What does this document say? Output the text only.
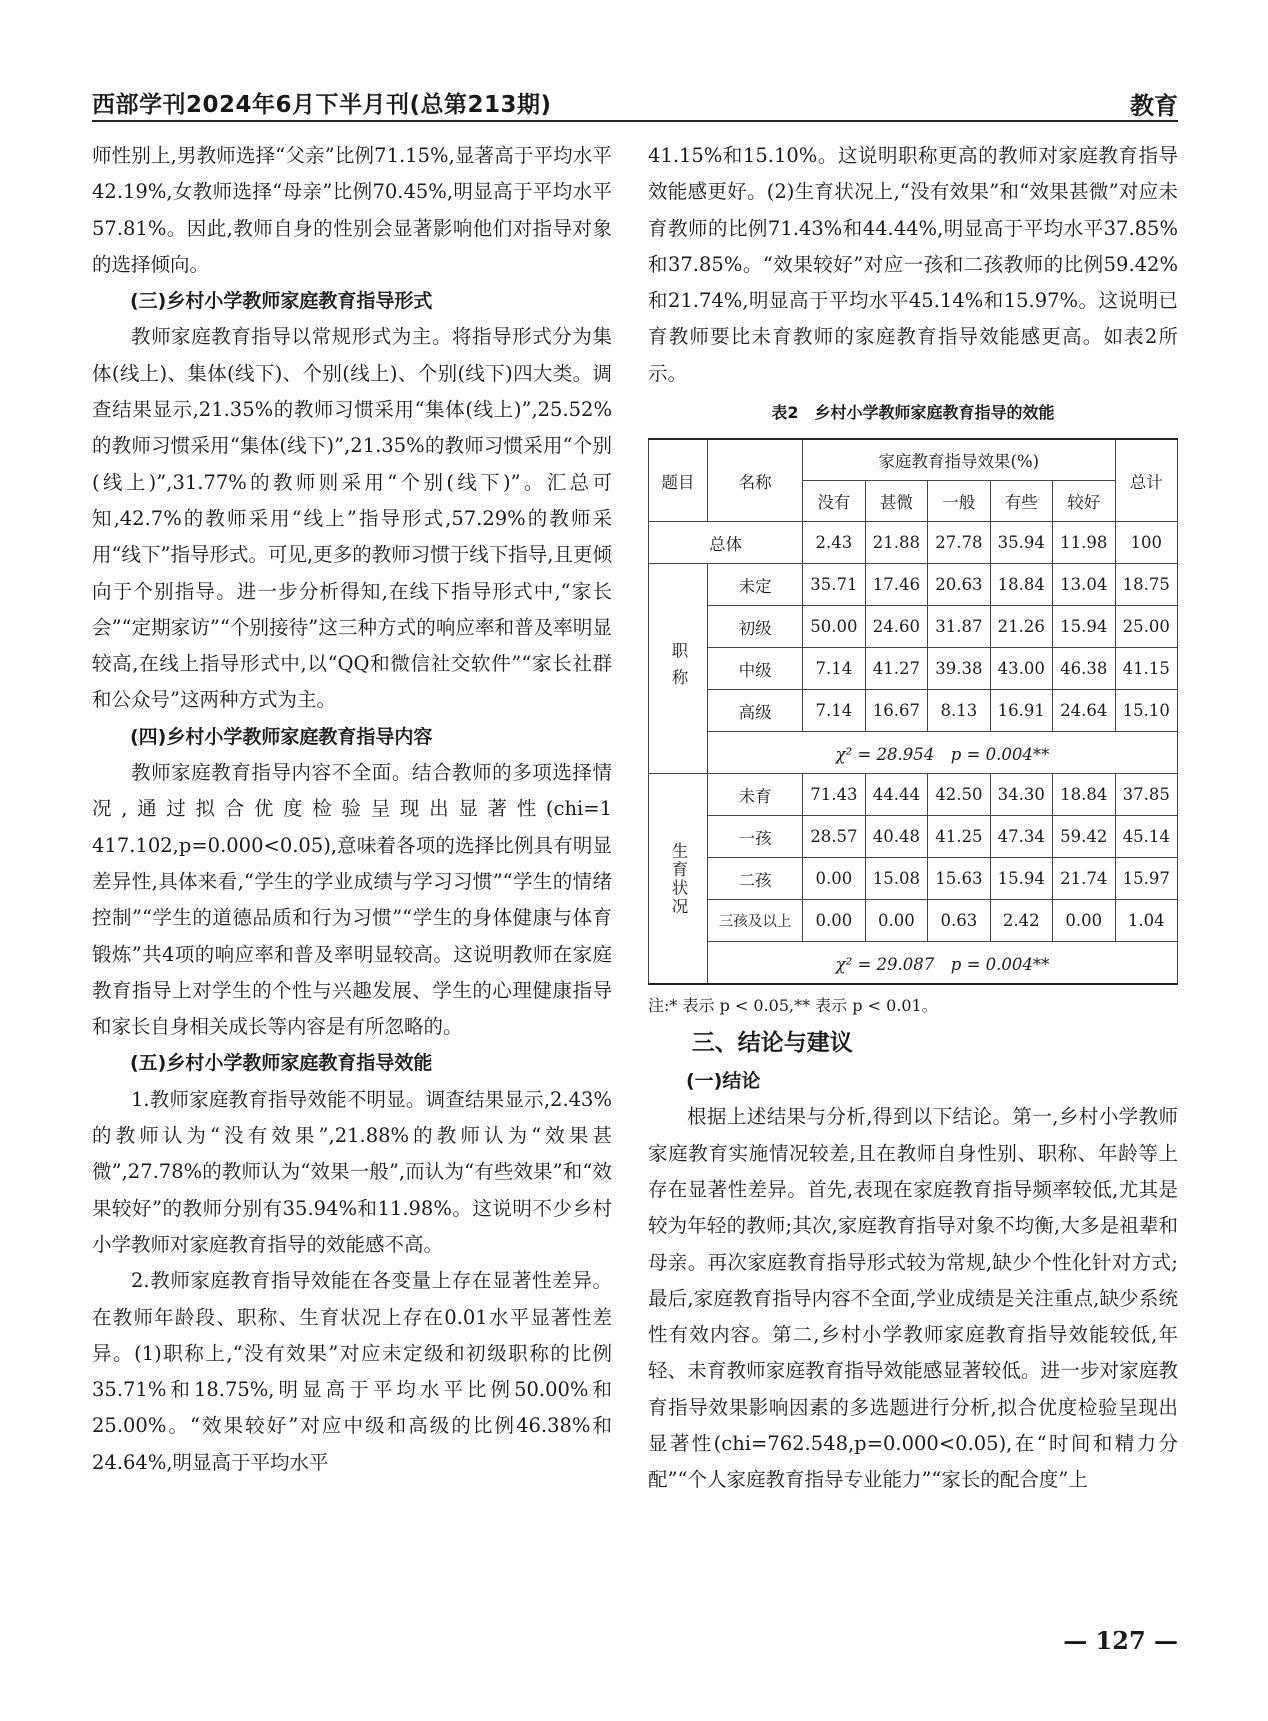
西部学刊2024年6月下半月刊(总第213期)	教育

师性别上,男教师选择“父亲”比例71.15%,显著高于平均水平42.19%,女教师选择“母亲”比例70.45%,明显高于平均水平57.81%。因此,教师自身的性别会显著影响他们对指导对象的选择倾向。

(三)乡村小学教师家庭教育指导形式

教师家庭教育指导以常规形式为主。将指导形式分为集体(线上)、集体(线下)、个别(线上)、个别(线下)四大类。调查结果显示,21.35%的教师习惯采用“集体(线上)”,25.52%的教师习惯采用“集体(线下)”,21.35%的教师习惯采用“个别(线上)”,31.77%的教师则采用“个别(线下)”。汇总可知,42.7%的教师采用“线上”指导形式,57.29%的教师采用“线下”指导形式。可见,更多的教师习惯于线下指导,且更倾向于个别指导。进一步分析得知,在线下指导形式中,“家长会”“定期家访”“个别接待”这三种方式的响应率和普及率明显较高,在线上指导形式中,以“QQ和微信社交软件”“家长社群和公众号”这两种方式为主。

(四)乡村小学教师家庭教育指导内容

教师家庭教育指导内容不全面。结合教师的多项选择情况,通过拟合优度检验呈现出显著性(chi=1 417.102,p=0.000<0.05),意味着各项的选择比例具有明显差异性,具体来看,“学生的学业成绩与学习习惯”“学生的情绪控制”“学生的道德品质和行为习惯”“学生的身体健康与体育锻炼”共4项的响应率和普及率明显较高。这说明教师在家庭教育指导上对学生的个性与兴趣发展、学生的心理健康指导和家长自身相关成长等内容是有所忽略的。

(五)乡村小学教师家庭教育指导效能

1.教师家庭教育指导效能不明显。调查结果显示,2.43%的教师认为“没有效果”,21.88%的教师认为“效果甚微”,27.78%的教师认为“效果一般”,而认为“有些效果”和“效果较好”的教师分别有35.94%和11.98%。这说明不少乡村小学教师对家庭教育指导的效能感不高。

2.教师家庭教育指导效能在各变量上存在显著性差异。在教师年龄段、职称、生育状况上存在0.01水平显著性差异。(1)职称上,“没有效果”对应未定级和初级职称的比例35.71%和18.75%,明显高于平均水平比例50.00%和25.00%。“效果较好”对应中级和高级的比例46.38%和24.64%,明显高于平均水平

41.15%和15.10%。这说明职称更高的教师对家庭教育指导效能感更好。(2)生育状况上,“没有效果”和“效果甚微”对应未育教师的比例71.43%和44.44%,明显高于平均水平37.85%和37.85%。“效果较好”对应一孩和二孩教师的比例59.42%和21.74%,明显高于平均水平45.14%和15.97%。这说明已育教师要比未育教师的家庭教育指导效能感更高。如表2所示。

表2　乡村小学教师家庭教育指导的效能
题目	名称	家庭教育指导效果(%)					总计
		没有	甚微	一般	有些	较好	
总体		2.43	21.88	27.78	35.94	11.98	100
职称	未定	35.71	17.46	20.63	18.84	13.04	18.75
	初级	50.00	24.60	31.87	21.26	15.94	25.00
	中级	7.14	41.27	39.38	43.00	46.38	41.15
	高级	7.14	16.67	8.13	16.91	24.64	15.10
	χ² = 28.954　p = 0.004**						
生育状况	未育	71.43	44.44	42.50	34.30	18.84	37.85
	一孩	28.57	40.48	41.25	47.34	59.42	45.14
	二孩	0.00	15.08	15.63	15.94	21.74	15.97
	三孩及以上	0.00	0.00	0.63	2.42	0.00	1.04
	χ² = 29.087　p = 0.004**						

注:* 表示 p < 0.05,** 表示 p < 0.01。

三、结论与建议
(一)结论

根据上述结果与分析,得到以下结论。第一,乡村小学教师家庭教育实施情况较差,且在教师自身性别、职称、年龄等上存在显著性差异。首先,表现在家庭教育指导频率较低,尤其是较为年轻的教师;其次,家庭教育指导对象不均衡,大多是祖辈和母亲。再次家庭教育指导形式较为常规,缺少个性化针对方式;最后,家庭教育指导内容不全面,学业成绩是关注重点,缺少系统性有效内容。第二,乡村小学教师家庭教育指导效能较低,年轻、未育教师家庭教育指导效能感显著较低。进一步对家庭教育指导效果影响因素的多选题进行分析,拟合优度检验呈现出显著性(chi=762.548,p=0.000<0.05),在“时间和精力分配”“个人家庭教育指导专业能力”“家长的配合度”上

— 127 —
